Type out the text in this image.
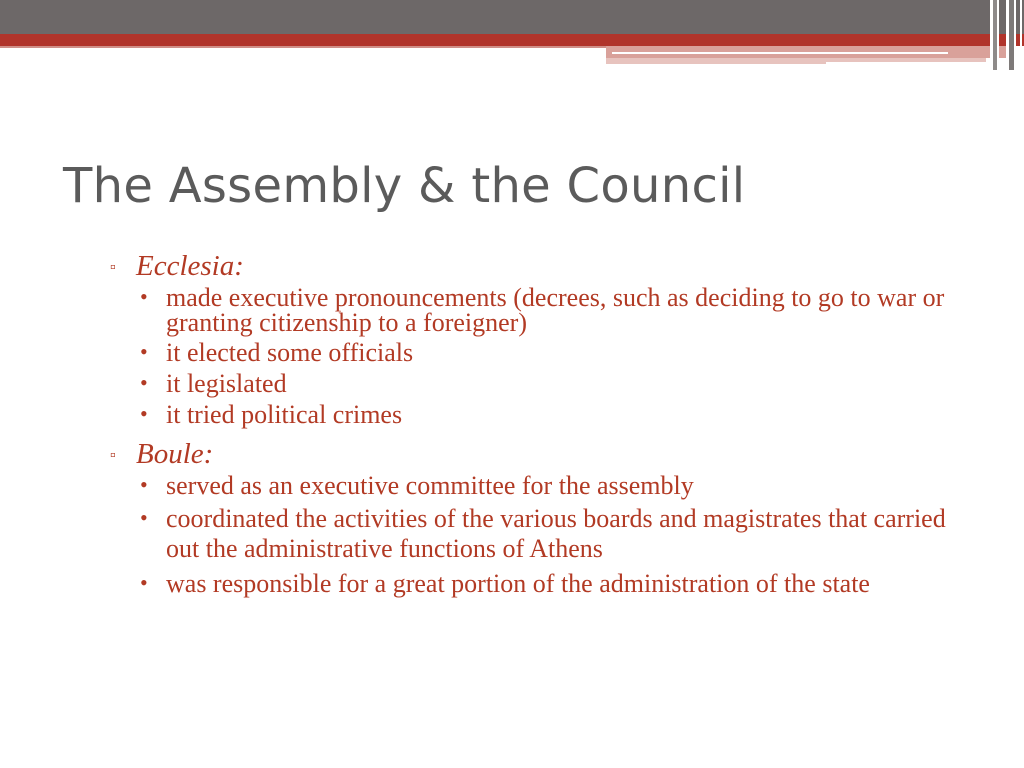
The Assembly & the Council
▫ Ecclesia:
• made executive pronouncements (decrees, such as deciding to go to war or granting citizenship to a foreigner)
• it elected some officials
• it legislated
• it tried political crimes
▫ Boule:
• served as an executive committee for the assembly
• coordinated the activities of the various boards and magistrates that carried out the administrative functions of Athens
• was responsible for a great portion of the administration of the state
